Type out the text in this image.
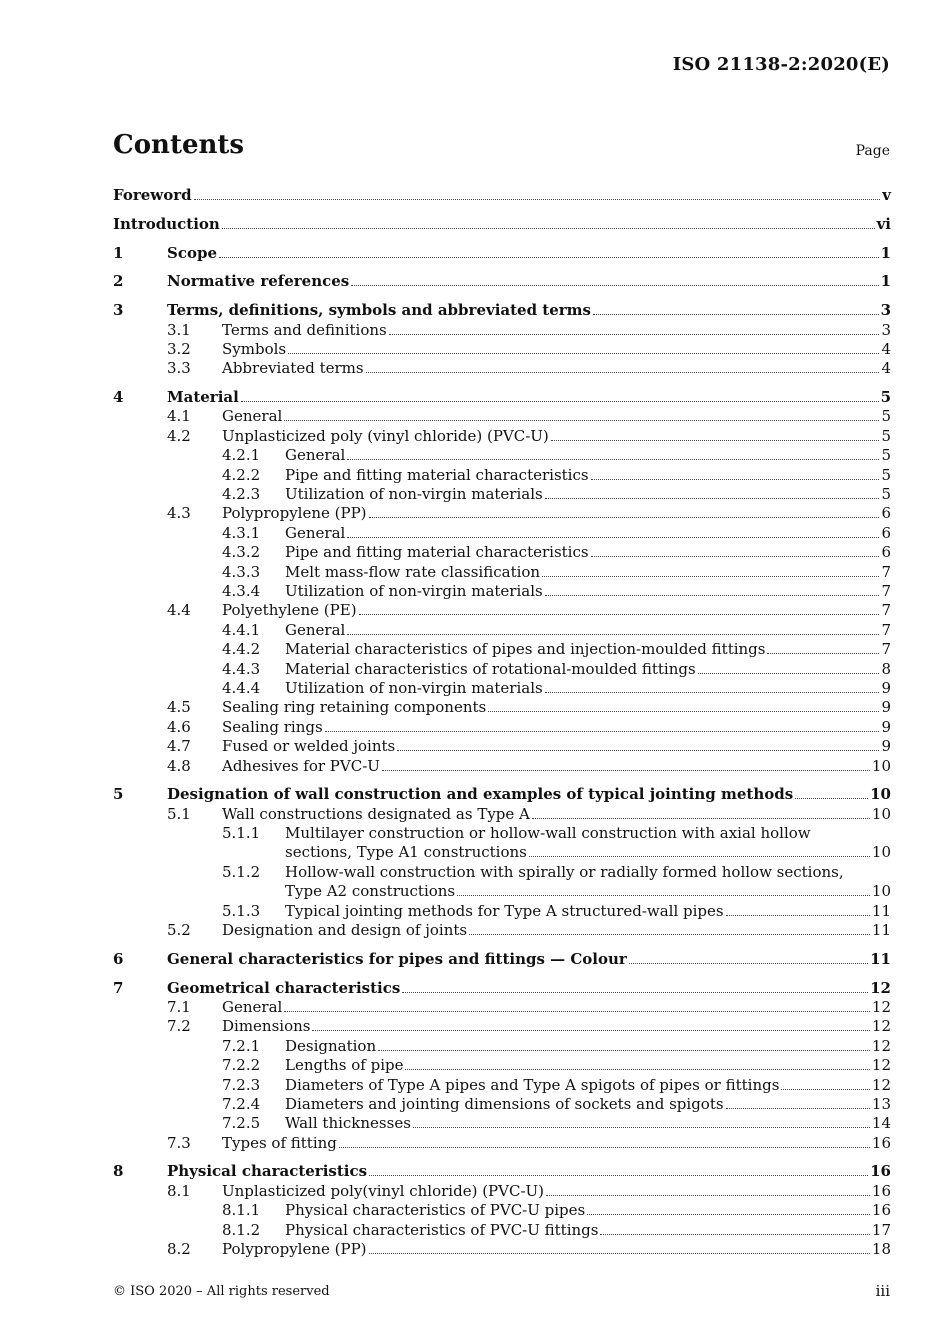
ISO 21138-2:2020(E)
Contents	Page
Foreword	v
Introduction	vi
1	Scope	1
2	Normative references	1
3	Terms, definitions, symbols and abbreviated terms	3
3.1 Terms and definitions	3
3.2 Symbols	4
3.3 Abbreviated terms	4
4	Material	5
4.1 General	5
4.2 Unplasticized poly (vinyl chloride) (PVC-U)	5
4.2.1 General	5
4.2.2 Pipe and fitting material characteristics	5
4.2.3 Utilization of non-virgin materials	5
4.3 Polypropylene (PP)	6
4.3.1 General	6
4.3.2 Pipe and fitting material characteristics	6
4.3.3 Melt mass-flow rate classification	7
4.3.4 Utilization of non-virgin materials	7
4.4 Polyethylene (PE)	7
4.4.1 General	7
4.4.2 Material characteristics of pipes and injection-moulded fittings	7
4.4.3 Material characteristics of rotational-moulded fittings	8
4.4.4 Utilization of non-virgin materials	9
4.5 Sealing ring retaining components	9
4.6 Sealing rings	9
4.7 Fused or welded joints	9
4.8 Adhesives for PVC-U	10
5	Designation of wall construction and examples of typical jointing methods	10
5.1 Wall constructions designated as Type A	10
5.1.1 Multilayer construction or hollow-wall construction with axial hollow
sections, Type A1 constructions	10
5.1.2 Hollow-wall construction with spirally or radially formed hollow sections,
Type A2 constructions	10
5.1.3 Typical jointing methods for Type A structured-wall pipes	11
5.2 Designation and design of joints	11
6	General characteristics for pipes and fittings — Colour	11
7	Geometrical characteristics	12
7.1 General	12
7.2 Dimensions	12
7.2.1 Designation	12
7.2.2 Lengths of pipe	12
7.2.3 Diameters of Type A pipes and Type A spigots of pipes or fittings	12
7.2.4 Diameters and jointing dimensions of sockets and spigots	13
7.2.5 Wall thicknesses	14
7.3 Types of fitting	16
8	Physical characteristics	16
8.1 Unplasticized poly(vinyl chloride) (PVC-U)	16
8.1.1 Physical characteristics of PVC-U pipes	16
8.1.2 Physical characteristics of PVC-U fittings	17
8.2 Polypropylene (PP)	18
© ISO 2020 – All rights reserved	iii
